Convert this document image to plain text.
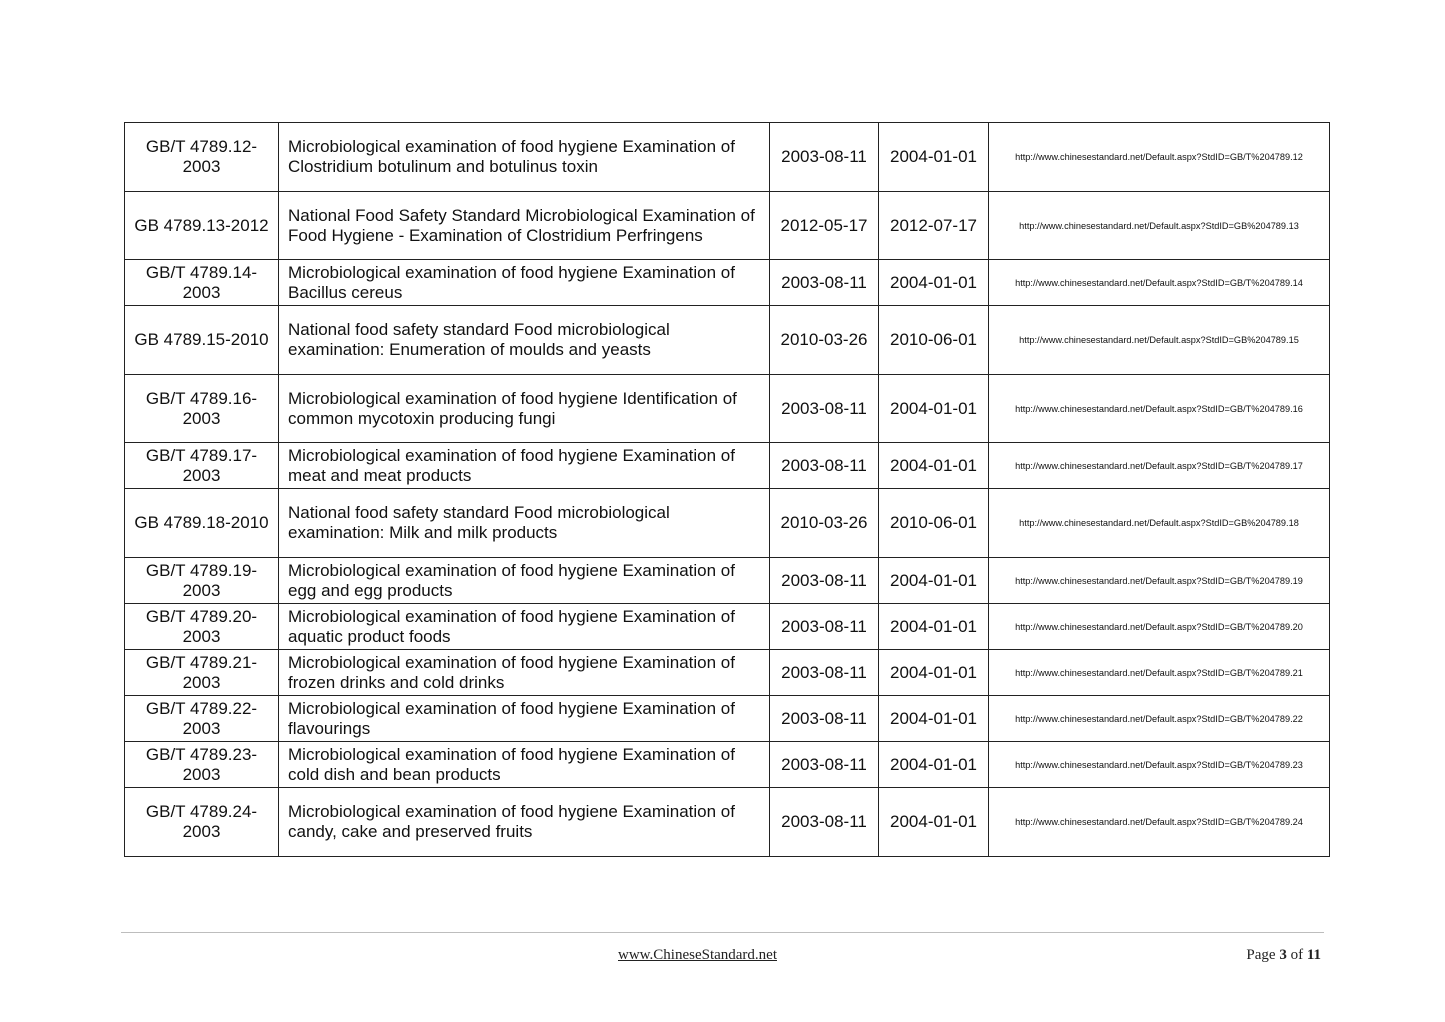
GB/T 4789.12-2003	Microbiological examination of food hygiene Examination of Clostridium botulinum and botulinus toxin	2003-08-11	2004-01-01	http://www.chinesestandard.net/Default.aspx?StdID=GB/T%204789.12
GB 4789.13-2012	National Food Safety Standard Microbiological Examination of Food Hygiene - Examination of Clostridium Perfringens	2012-05-17	2012-07-17	http://www.chinesestandard.net/Default.aspx?StdID=GB%204789.13
GB/T 4789.14-2003	Microbiological examination of food hygiene Examination of Bacillus cereus	2003-08-11	2004-01-01	http://www.chinesestandard.net/Default.aspx?StdID=GB/T%204789.14
GB 4789.15-2010	National food safety standard Food microbiological examination: Enumeration of moulds and yeasts	2010-03-26	2010-06-01	http://www.chinesestandard.net/Default.aspx?StdID=GB%204789.15
GB/T 4789.16-2003	Microbiological examination of food hygiene Identification of common mycotoxin producing fungi	2003-08-11	2004-01-01	http://www.chinesestandard.net/Default.aspx?StdID=GB/T%204789.16
GB/T 4789.17-2003	Microbiological examination of food hygiene Examination of meat and meat products	2003-08-11	2004-01-01	http://www.chinesestandard.net/Default.aspx?StdID=GB/T%204789.17
GB 4789.18-2010	National food safety standard Food microbiological examination: Milk and milk products	2010-03-26	2010-06-01	http://www.chinesestandard.net/Default.aspx?StdID=GB%204789.18
GB/T 4789.19-2003	Microbiological examination of food hygiene Examination of egg and egg products	2003-08-11	2004-01-01	http://www.chinesestandard.net/Default.aspx?StdID=GB/T%204789.19
GB/T 4789.20-2003	Microbiological examination of food hygiene Examination of aquatic product foods	2003-08-11	2004-01-01	http://www.chinesestandard.net/Default.aspx?StdID=GB/T%204789.20
GB/T 4789.21-2003	Microbiological examination of food hygiene Examination of frozen drinks and cold drinks	2003-08-11	2004-01-01	http://www.chinesestandard.net/Default.aspx?StdID=GB/T%204789.21
GB/T 4789.22-2003	Microbiological examination of food hygiene Examination of flavourings	2003-08-11	2004-01-01	http://www.chinesestandard.net/Default.aspx?StdID=GB/T%204789.22
GB/T 4789.23-2003	Microbiological examination of food hygiene Examination of cold dish and bean products	2003-08-11	2004-01-01	http://www.chinesestandard.net/Default.aspx?StdID=GB/T%204789.23
GB/T 4789.24-2003	Microbiological examination of food hygiene Examination of candy, cake and preserved fruits	2003-08-11	2004-01-01	http://www.chinesestandard.net/Default.aspx?StdID=GB/T%204789.24
www.ChineseStandard.net	Page 3 of 11
